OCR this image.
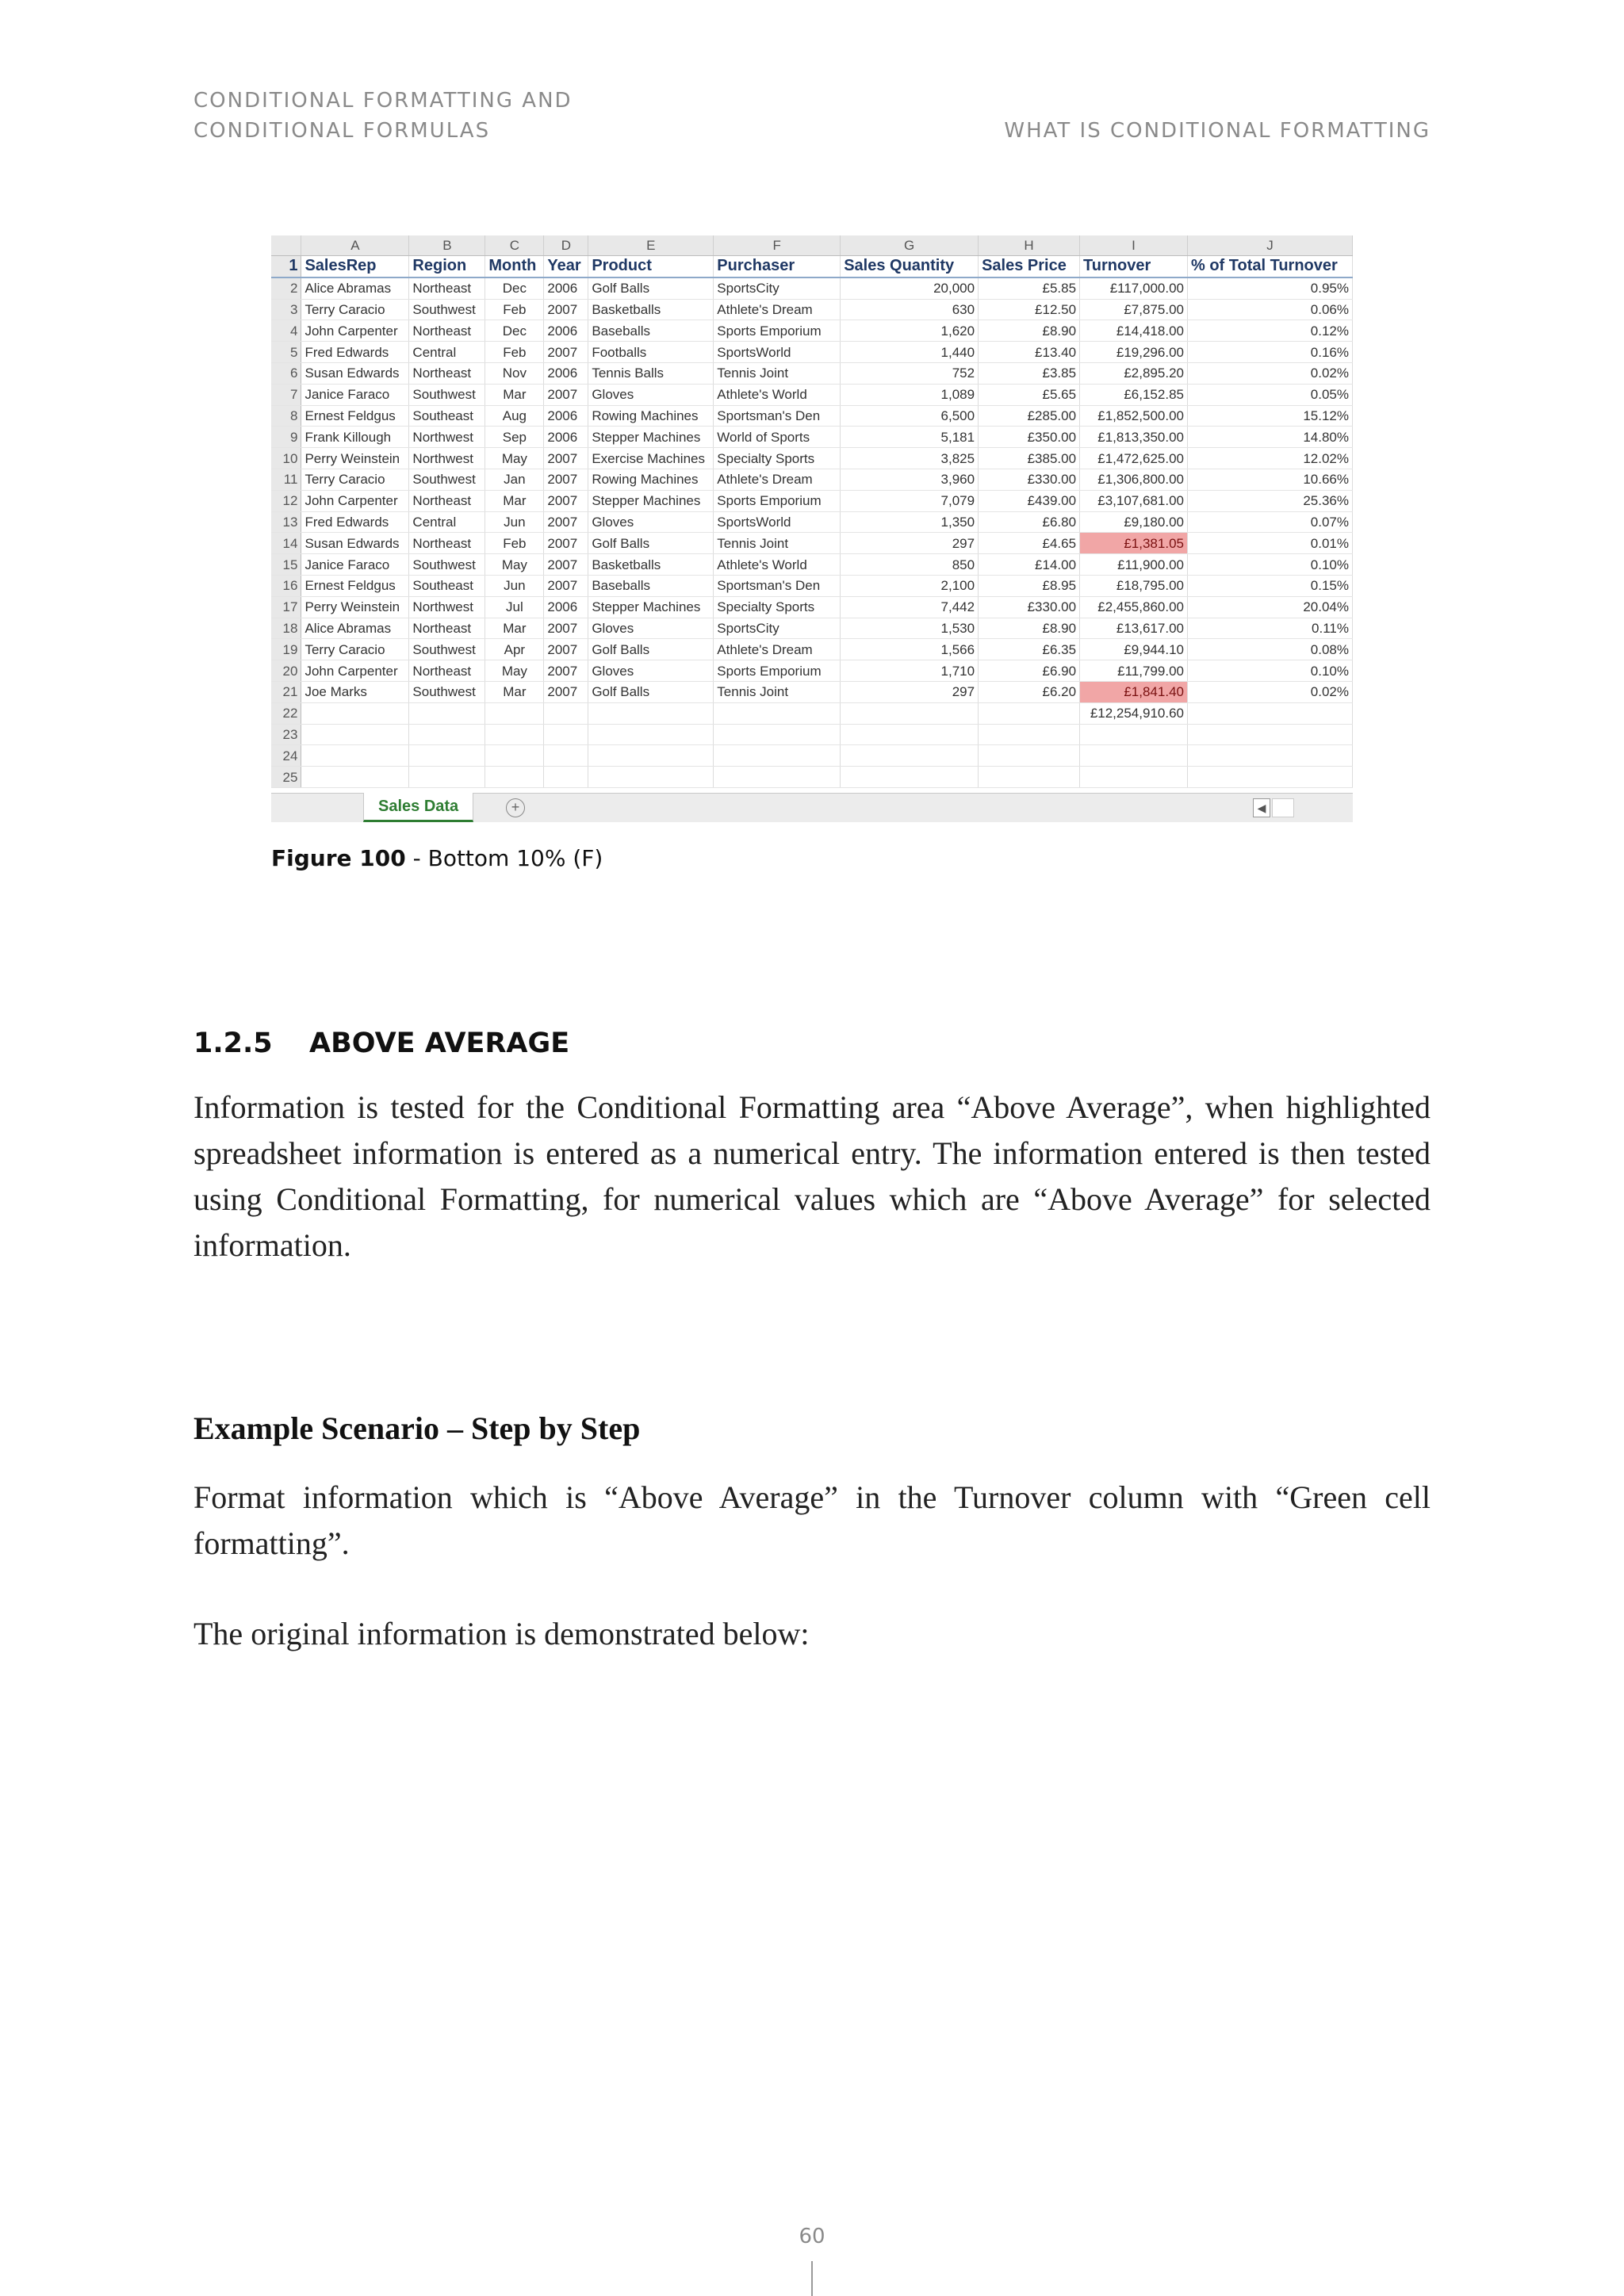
CONDITIONAL FORMATTING AND
CONDITIONAL FORMULAS	WHAT IS CONDITIONAL FORMATTING
	A	B	C	D	E	F	G	H	I	J
1	SalesRep	Region	Month	Year	Product	Purchaser	Sales Quantity	Sales Price	Turnover	% of Total Turnover
2	Alice Abramas	Northeast	Dec	2006	Golf Balls	SportsCity	20,000	£5.85	£117,000.00	0.95%
3	Terry Caracio	Southwest	Feb	2007	Basketballs	Athlete's Dream	630	£12.50	£7,875.00	0.06%
4	John Carpenter	Northeast	Dec	2006	Baseballs	Sports Emporium	1,620	£8.90	£14,418.00	0.12%
5	Fred Edwards	Central	Feb	2007	Footballs	SportsWorld	1,440	£13.40	£19,296.00	0.16%
6	Susan Edwards	Northeast	Nov	2006	Tennis Balls	Tennis Joint	752	£3.85	£2,895.20	0.02%
7	Janice Faraco	Southwest	Mar	2007	Gloves	Athlete's World	1,089	£5.65	£6,152.85	0.05%
8	Ernest Feldgus	Southeast	Aug	2006	Rowing Machines	Sportsman's Den	6,500	£285.00	£1,852,500.00	15.12%
9	Frank Killough	Northwest	Sep	2006	Stepper Machines	World of Sports	5,181	£350.00	£1,813,350.00	14.80%
10	Perry Weinstein	Northwest	May	2007	Exercise Machines	Specialty Sports	3,825	£385.00	£1,472,625.00	12.02%
11	Terry Caracio	Southwest	Jan	2007	Rowing Machines	Athlete's Dream	3,960	£330.00	£1,306,800.00	10.66%
12	John Carpenter	Northeast	Mar	2007	Stepper Machines	Sports Emporium	7,079	£439.00	£3,107,681.00	25.36%
13	Fred Edwards	Central	Jun	2007	Gloves	SportsWorld	1,350	£6.80	£9,180.00	0.07%
14	Susan Edwards	Northeast	Feb	2007	Golf Balls	Tennis Joint	297	£4.65	£1,381.05	0.01%
15	Janice Faraco	Southwest	May	2007	Basketballs	Athlete's World	850	£14.00	£11,900.00	0.10%
16	Ernest Feldgus	Southeast	Jun	2007	Baseballs	Sportsman's Den	2,100	£8.95	£18,795.00	0.15%
17	Perry Weinstein	Northwest	Jul	2006	Stepper Machines	Specialty Sports	7,442	£330.00	£2,455,860.00	20.04%
18	Alice Abramas	Northeast	Mar	2007	Gloves	SportsCity	1,530	£8.90	£13,617.00	0.11%
19	Terry Caracio	Southwest	Apr	2007	Golf Balls	Athlete's Dream	1,566	£6.35	£9,944.10	0.08%
20	John Carpenter	Northeast	May	2007	Gloves	Sports Emporium	1,710	£6.90	£11,799.00	0.10%
21	Joe Marks	Southwest	Mar	2007	Golf Balls	Tennis Joint	297	£6.20	£1,841.40	0.02%
22									£12,254,910.60	
23										
24										
25										
Sales Data	+	◀
Figure 100 - Bottom 10% (F)
1.2.5 ABOVE AVERAGE
Information is tested for the Conditional Formatting area “Above Average”, when highlighted spreadsheet information is entered as a numerical entry. The information entered is then tested using Conditional Formatting, for numerical values which are “Above Average” for selected information.
Example Scenario – Step by Step
Format information which is “Above Average” in the Turnover column with “Green cell formatting”.
The original information is demonstrated below:
60
